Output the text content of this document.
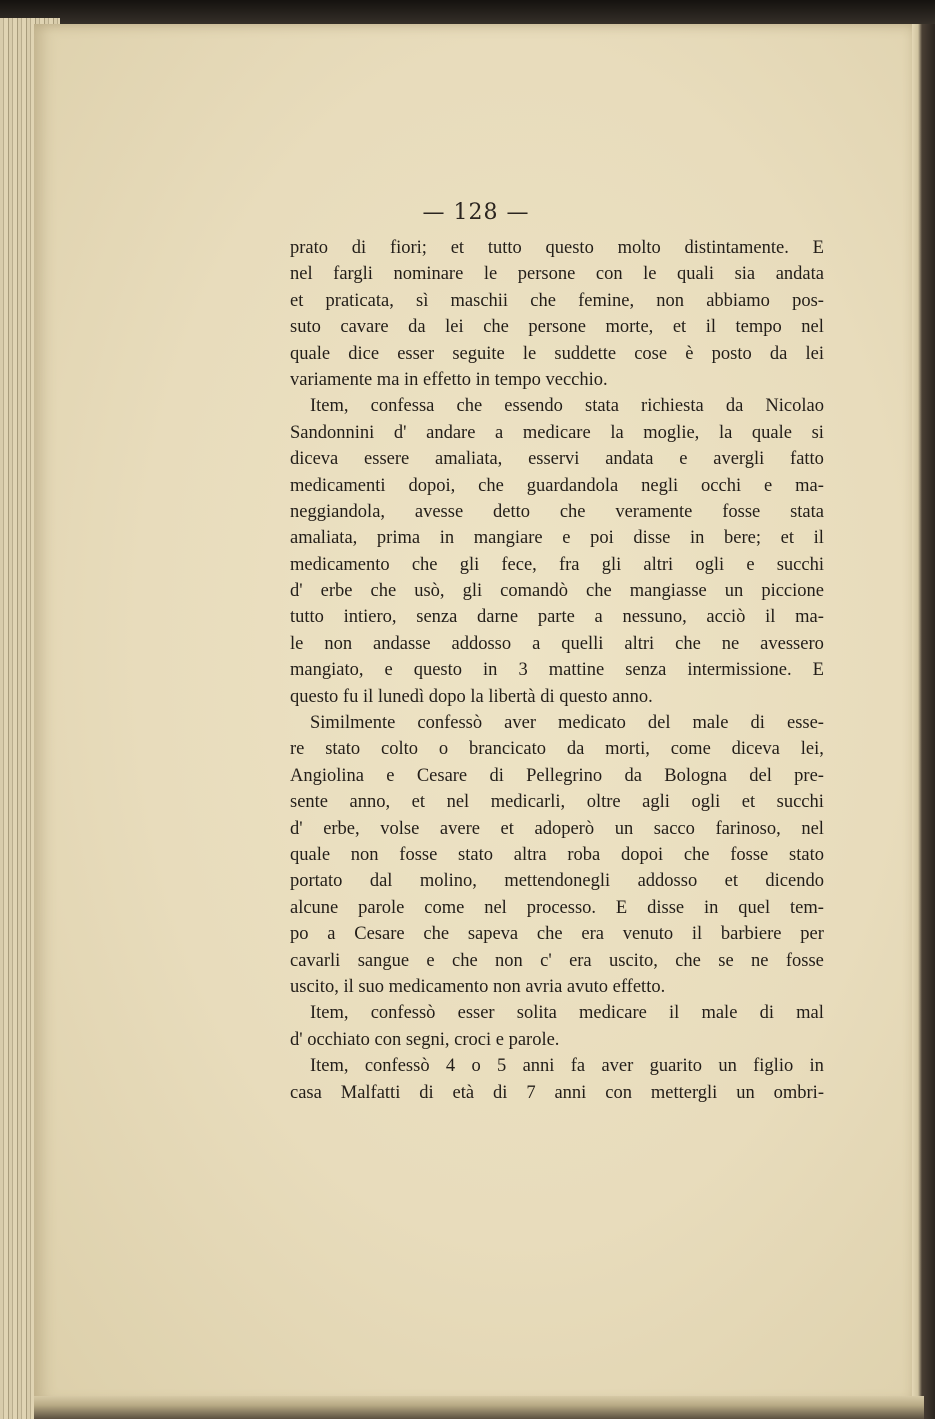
— 128 —
prato di fiori; et tutto questo molto distintamente. E
nel fargli nominare le persone con le quali sia andata
et praticata, sì maschii che femine, non abbiamo pos-
suto cavare da lei che persone morte, et il tempo nel
quale dice esser seguite le suddette cose è posto da lei
variamente ma in effetto in tempo vecchio.
Item, confessa che essendo stata richiesta da Nicolao
Sandonnini d' andare a medicare la moglie, la quale si
diceva essere amaliata, esservi andata e avergli fatto
medicamenti dopoi, che guardandola negli occhi e ma-
neggiandola, avesse detto che veramente fosse stata
amaliata, prima in mangiare e poi disse in bere; et il
medicamento che gli fece, fra gli altri ogli e succhi
d' erbe che usò, gli comandò che mangiasse un piccione
tutto intiero, senza darne parte a nessuno, acciò il ma-
le non andasse addosso a quelli altri che ne avessero
mangiato, e questo in 3 mattine senza intermissione. E
questo fu il lunedì dopo la libertà di questo anno.
Similmente confessò aver medicato del male di esse-
re stato colto o brancicato da morti, come diceva lei,
Angiolina e Cesare di Pellegrino da Bologna del pre-
sente anno, et nel medicarli, oltre agli ogli et succhi
d' erbe, volse avere et adoperò un sacco farinoso, nel
quale non fosse stato altra roba dopoi che fosse stato
portato dal molino, mettendonegli addosso et dicendo
alcune parole come nel processo. E disse in quel tem-
po a Cesare che sapeva che era venuto il barbiere per
cavarli sangue e che non c' era uscito, che se ne fosse
uscito, il suo medicamento non avria avuto effetto.
Item, confessò esser solita medicare il male di mal
d' occhiato con segni, croci e parole.
Item, confessò 4 o 5 anni fa aver guarito un figlio in
casa Malfatti di età di 7 anni con mettergli un ombri-
